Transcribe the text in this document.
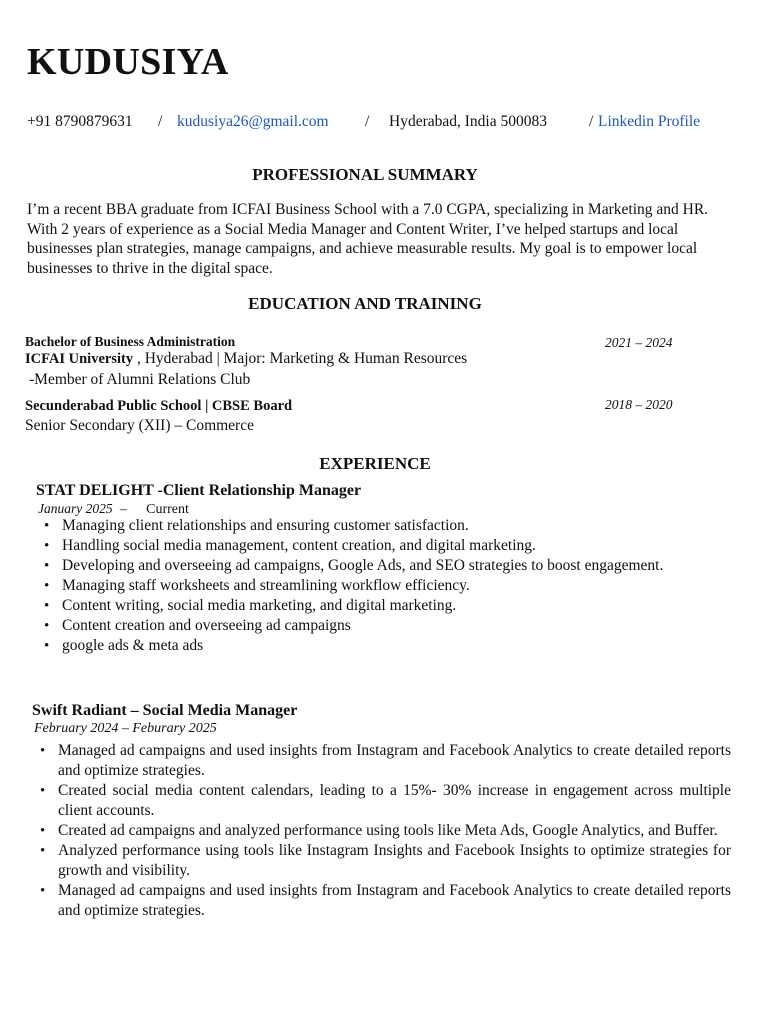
KUDUSIYA
+91 8790879631 / kudusiya26@gmail.com / Hyderabad, India 500083	/ Linkedin Profile
PROFESSIONAL SUMMARY

I’m a recent BBA graduate from ICFAI Business School with a 7.0 CGPA, specializing in Marketing and HR. With 2 years of experience as a Social Media Manager and Content Writer, I’ve helped startups and local businesses plan strategies, manage campaigns, and achieve measurable results. My goal is to empower local businesses to thrive in the digital space.

EDUCATION AND TRAINING
Bachelor of Business Administration	2021 – 2024
ICFAI University , Hyderabad | Major: Marketing & Human Resources
-Member of Alumni Relations Club
Secunderabad Public School | CBSE Board	2018 – 2020
Senior Secondary (XII) – Commerce
EXPERIENCE
STAT DELIGHT -Client Relationship Manager
January 2025 – Current
• Managing client relationships and ensuring customer satisfaction.
• Handling social media management, content creation, and digital marketing.
• Developing and overseeing ad campaigns, Google Ads, and SEO strategies to boost engagement.
• Managing staff worksheets and streamlining workflow efficiency.
• Content writing, social media marketing, and digital marketing.
• Content creation and overseeing ad campaigns
• google ads & meta ads
Swift Radiant – Social Media Manager
February 2024 – Feburary 2025
• Managed ad campaigns and used insights from Instagram and Facebook Analytics to create detailed reports and optimize strategies.
• Created social media content calendars, leading to a 15%- 30% increase in engagement across multiple client accounts.
• Created ad campaigns and analyzed performance using tools like Meta Ads, Google Analytics, and Buffer.
• Analyzed performance using tools like Instagram Insights and Facebook Insights to optimize strategies for growth and visibility.
• Managed ad campaigns and used insights from Instagram and Facebook Analytics to create detailed reports and optimize strategies.
